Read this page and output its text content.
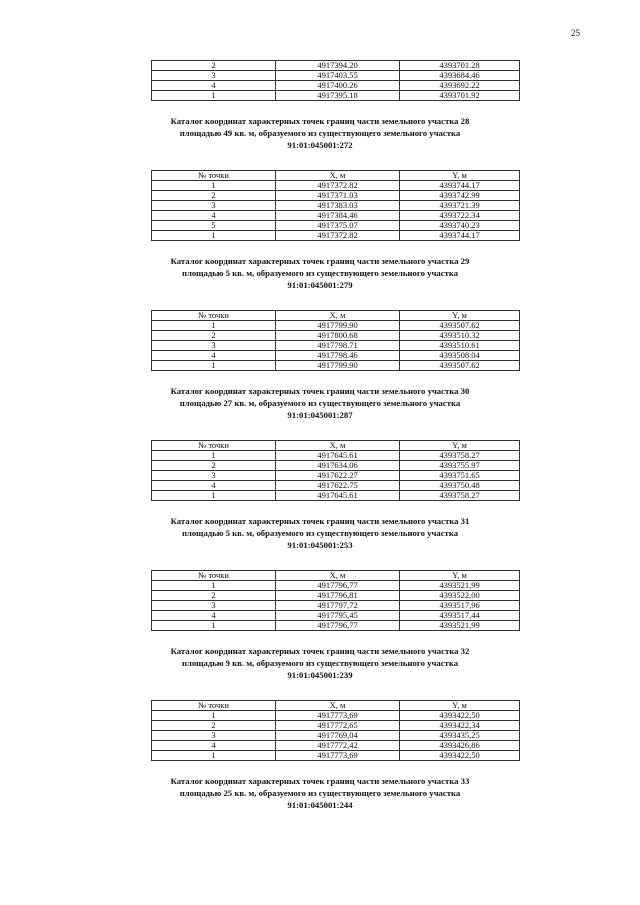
25
2	4917394.20	4393701.28
3	4917403.55	4393684.46
4	4917400.26	4393692.22
1	4917395.18	4393701.92

Каталог координат характерных точек границ части земельного участка 28

площадью 49 кв. м, образуемого из существующего земельного участка

91:01:045001:272

№ точки	X, м	Y, м
1	4917372.82	4393744.17
2	4917371.03	4393742.99
3	4917383.03	4393721.39
4	4917384.46	4393722.34
5	4917375.07	4393740.23
1	4917372.82	4393744.17

Каталог координат характерных точек границ части земельного участка 29

площадью 5 кв. м, образуемого из существующего земельного участка

91:01:045001:279

№ точки	X, м	Y, м
1	4917799.90	4393507.62
2	4917800.68	4393510.32
3	4917798.71	4393510.61
4	4917798.46	4393508.04
1	4917799.90	4393507.62

Каталог координат характерных точек границ части земельного участка 30

площадью 27 кв. м, образуемого из существующего земельного участка

91:01:045001:287

№ точки	X, м	Y, м
1	4917645.61	4393758.27
2	4917634.06	4393755.97
3	4917622.27	4393751.65
4	4917622.75	4393750.48
1	4917645.61	4393758.27

Каталог координат характерных точек границ части земельного участка 31

площадью 5 кв. м, образуемого из существующего земельного участка

91:01:045001:253

№ точки	X, м	Y, м
1	4917796,77	4393521,99
2	4917796,81	4393522,00
3	4917797,72	4393517,96
4	4917795,45	4393517,44
1	4917796,77	4393521,99

Каталог координат характерных точек границ части земельного участка 32

площадью 9 кв. м, образуемого из существующего земельного участка

91:01:045001:239

№ точки	X, м	Y, м
1	4917773,69	4393422,50
2	4917772,65	4393422,34
3	4917769,04	4393435,25
4	4917772,42	4393426,86
1	4917773,69	4393422,50

Каталог координат характерных точек границ части земельного участка 33

площадью 25 кв. м, образуемого из существующего земельного участка

91:01:045001:244
